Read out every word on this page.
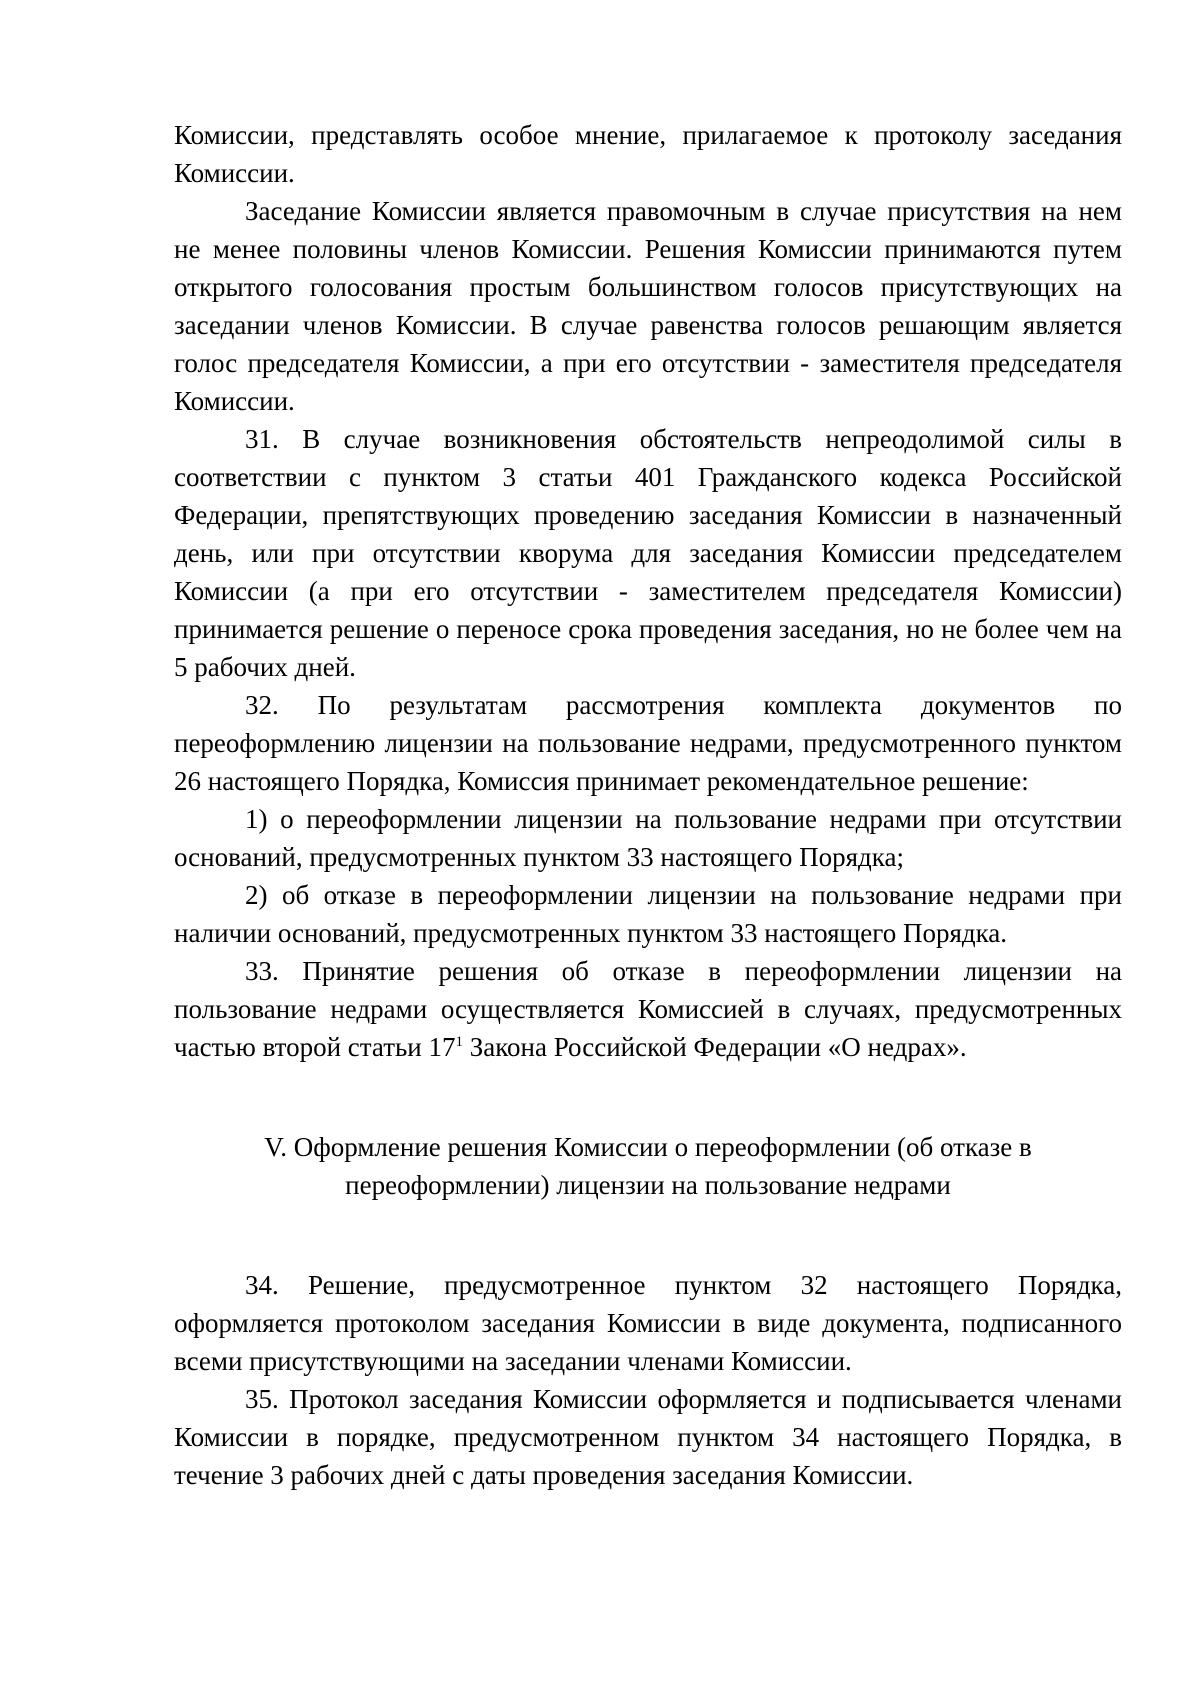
Комиссии, представлять особое мнение, прилагаемое к протоколу заседания Комиссии.

Заседание Комиссии является правомочным в случае присутствия на нем не менее половины членов Комиссии. Решения Комиссии принимаются путем открытого голосования простым большинством голосов присутствующих на заседании членов Комиссии. В случае равенства голосов решающим является голос председателя Комиссии, а при его отсутствии - заместителя председателя Комиссии.

31. В случае возникновения обстоятельств непреодолимой силы в соответствии с пунктом 3 статьи 401 Гражданского кодекса Российской Федерации, препятствующих проведению заседания Комиссии в назначенный день, или при отсутствии кворума для заседания Комиссии председателем Комиссии (а при его отсутствии - заместителем председателя Комиссии) принимается решение о переносе срока проведения заседания, но не более чем на 5 рабочих дней.

32. По результатам рассмотрения комплекта документов по переоформлению лицензии на пользование недрами, предусмотренного пунктом 26 настоящего Порядка, Комиссия принимает рекомендательное решение:

1) о переоформлении лицензии на пользование недрами при отсутствии оснований, предусмотренных пунктом 33 настоящего Порядка;

2) об отказе в переоформлении лицензии на пользование недрами при наличии оснований, предусмотренных пунктом 33 настоящего Порядка.

33. Принятие решения об отказе в переоформлении лицензии на пользование недрами осуществляется Комиссией в случаях, предусмотренных частью второй статьи $17^1$ Закона Российской Федерации «О недрах».

V. Оформление решения Комиссии о переоформлении (об отказе в
переоформлении) лицензии на пользование недрами

34. Решение, предусмотренное пунктом 32 настоящего Порядка, оформляется протоколом заседания Комиссии в виде документа, подписанного всеми присутствующими на заседании членами Комиссии.

35. Протокол заседания Комиссии оформляется и подписывается членами Комиссии в порядке, предусмотренном пунктом 34 настоящего Порядка, в течение 3 рабочих дней с даты проведения заседания Комиссии.
